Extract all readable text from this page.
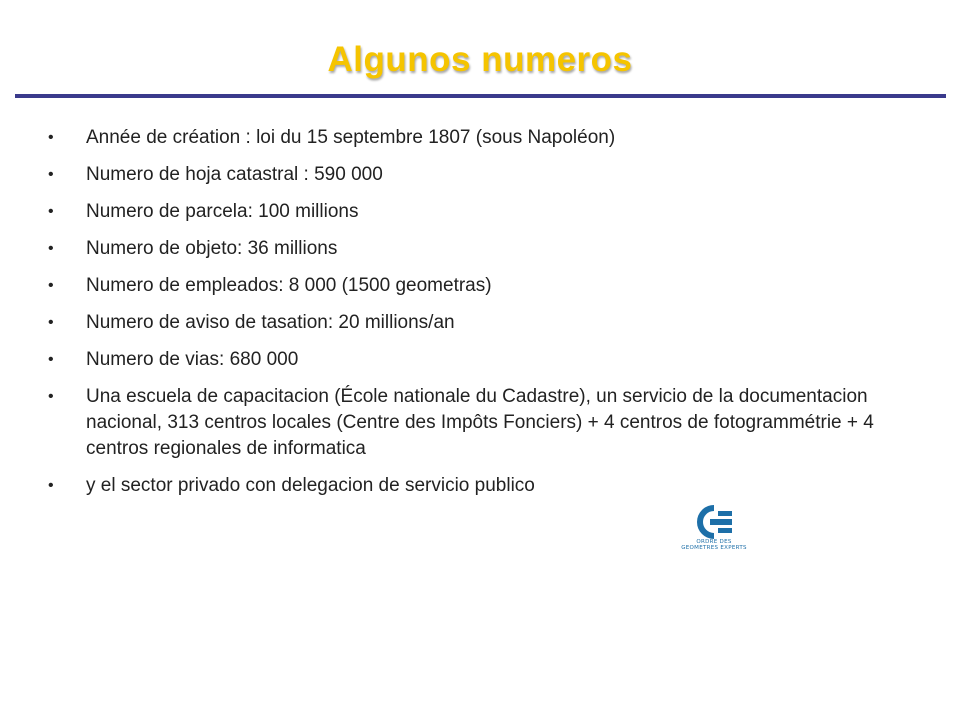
Algunos numeros
•	Année de création : loi du 15 septembre 1807 (sous Napoléon)
•	Numero de hoja catastral : 590 000
•	Numero de parcela: 100 millions
•	Numero de objeto: 36 millions
•	Numero de empleados: 8 000 (1500 geometras)
•	Numero de aviso de tasation: 20 millions/an
•	Numero de vias: 680 000
•	Una escuela de capacitacion (École nationale du Cadastre), un servicio de la documentacion nacional, 313 centros locales (Centre des Impôts Fonciers) + 4 centros de fotogrammétrie + 4 centros regionales de informatica
•	y el sector privado con delegacion de servicio publico
ORDRE DES
GEOMETRES EXPERTS
